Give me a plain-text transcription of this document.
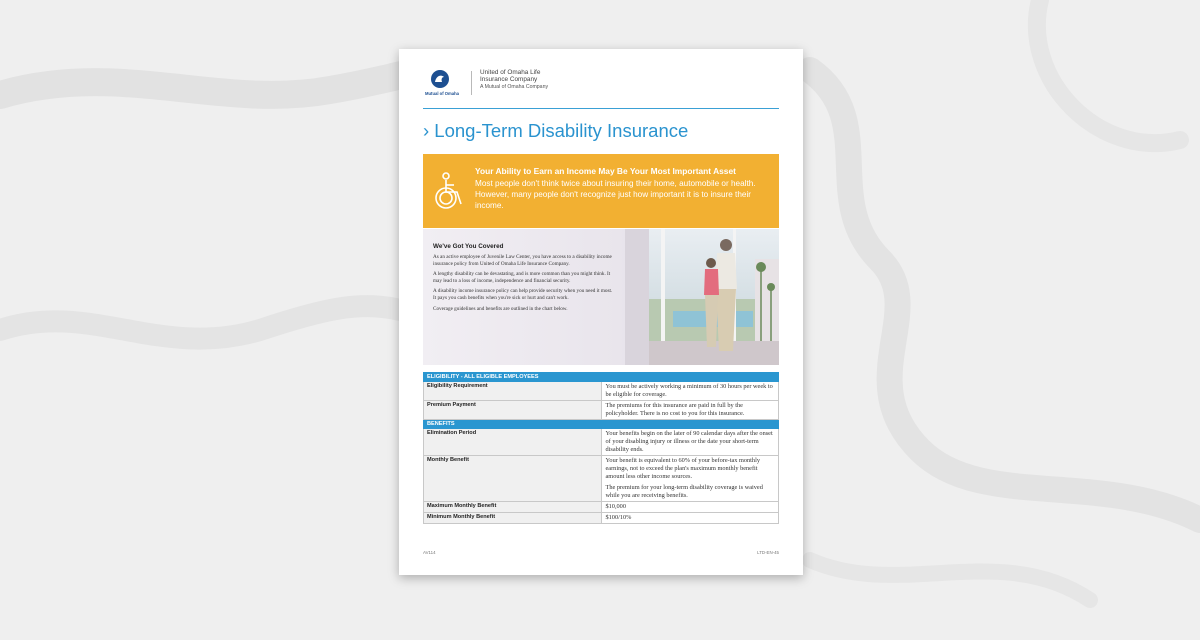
Mutual of Omaha
United of Omaha Life
Insurance Company
A Mutual of Omaha Company
› Long-Term Disability Insurance
Your Ability to Earn an Income May Be Your Most Important Asset
Most people don't think twice about insuring their home, automobile or health. However, many people don't recognize just how important it is to insure their income.
We've Got You Covered

As an active employee of Juvenile Law Center, you have access to a disability income insurance policy from United of Omaha Life Insurance Company.

A lengthy disability can be devastating, and is more common than you might think. It may lead to a loss of income, independence and financial security.

A disability income insurance policy can help provide security when you need it most. It pays you cash benefits when you're sick or hurt and can't work.

Coverage guidelines and benefits are outlined in the chart below.

ELIGIBILITY - ALL ELIGIBLE EMPLOYEES	
Eligibility Requirement	You must be actively working a minimum of 30 hours per week to be eligible for coverage.
Premium Payment	The premiums for this insurance are paid in full by the policyholder. There is no cost to you for this insurance.
BENEFITS	
Elimination Period	Your benefits begin on the later of 90 calendar days after the onset of your disabling injury or illness or the date your short-term disability ends.
Monthly Benefit	Your benefit is equivalent to 60% of your before-tax monthly earnings, not to exceed the plan's maximum monthly benefit amount less other income sources.

The premium for your long-term disability coverage is waived while you are receiving benefits.

Maximum Monthly Benefit	$10,000
Minimum Monthly Benefit	$100/10%
AV114	LTD-EN-45
